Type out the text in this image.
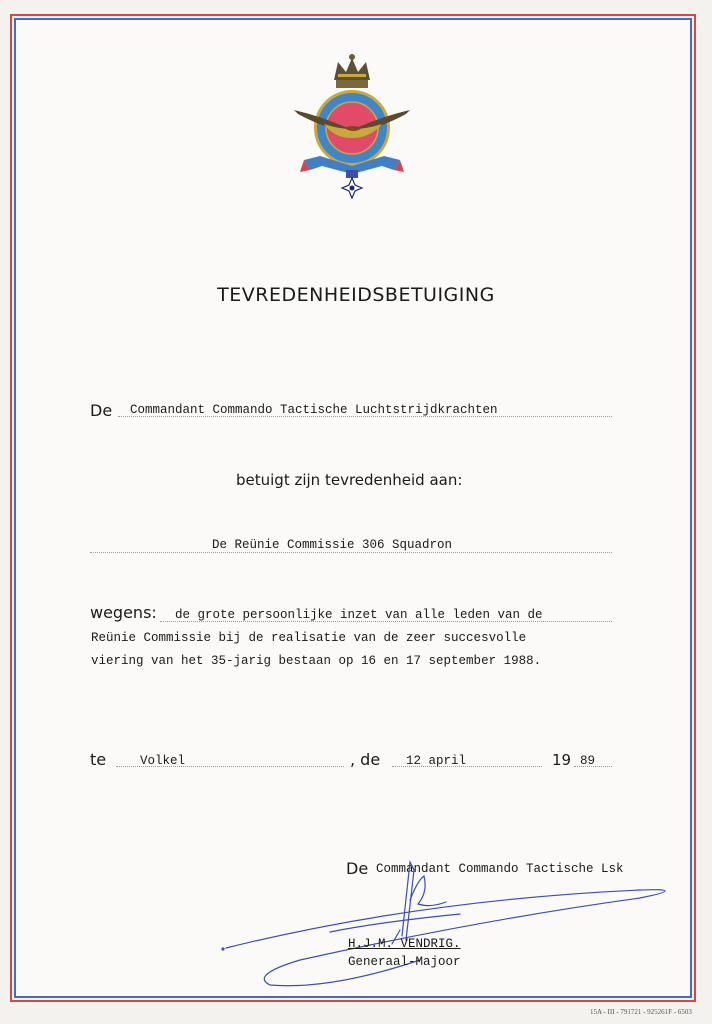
TEVREDENHEIDSBETUIGING
De Commandant Commando Tactische Luchtstrijdkrachten
betuigt zijn tevredenheid aan:
De Reünie Commissie 306 Squadron
wegens: de grote persoonlijke inzet van alle leden van de
Reünie Commissie bij de realisatie van de zeer succesvolle
viering van het 35-jarig bestaan op 16 en 17 september 1988.
te	Volkel	, de 12 april	19 89
De Commandant Commando Tactische Lsk
H.J.M. VENDRIG.
Generaal-Majoor
15A - III - 791721 - 925261F - 6503
